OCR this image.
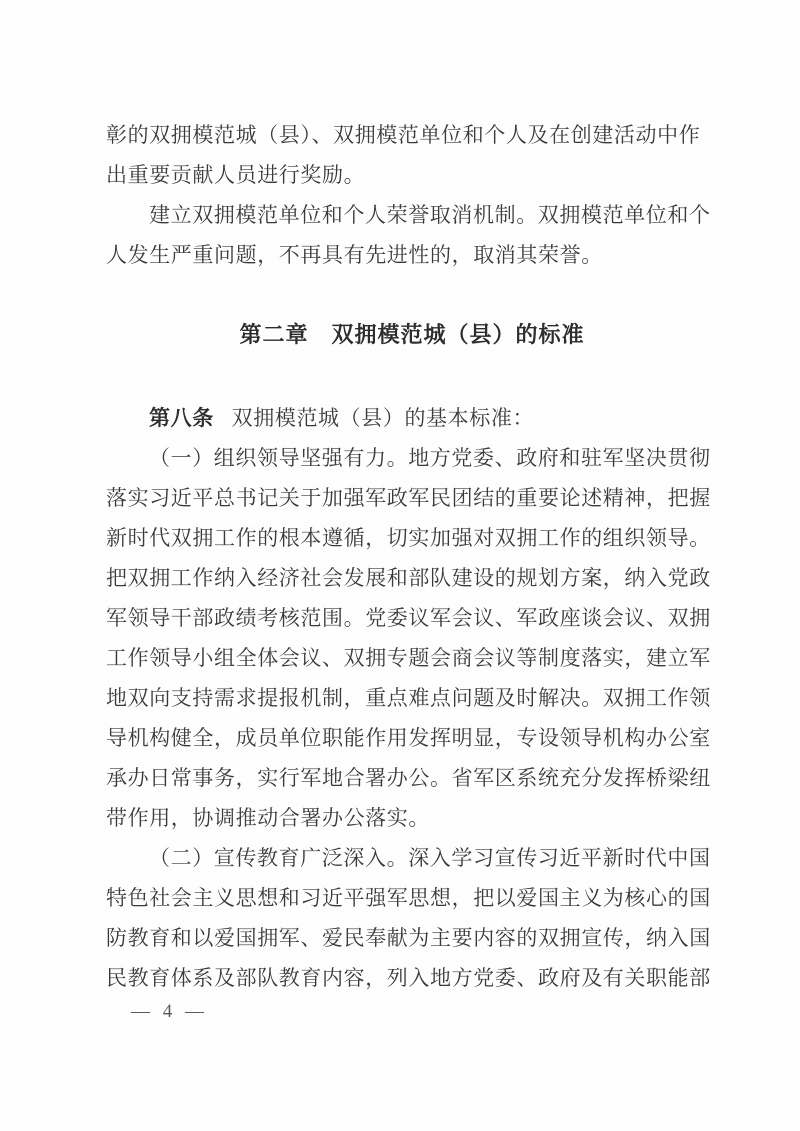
彰的双拥模范城（县）、双拥模范单位和个人及在创建活动中作
出重要贡献人员进行奖励。
建立双拥模范单位和个人荣誉取消机制。双拥模范单位和个
人发生严重问题，不再具有先进性的，取消其荣誉。
第二章　双拥模范城（县）的标准
第八条 双拥模范城（县）的基本标准：
（一）组织领导坚强有力。地方党委、政府和驻军坚决贯彻
落实习近平总书记关于加强军政军民团结的重要论述精神，把握
新时代双拥工作的根本遵循，切实加强对双拥工作的组织领导。
把双拥工作纳入经济社会发展和部队建设的规划方案，纳入党政
军领导干部政绩考核范围。党委议军会议、军政座谈会议、双拥
工作领导小组全体会议、双拥专题会商会议等制度落实，建立军
地双向支持需求提报机制，重点难点问题及时解决。双拥工作领
导机构健全，成员单位职能作用发挥明显，专设领导机构办公室
承办日常事务，实行军地合署办公。省军区系统充分发挥桥梁纽
带作用，协调推动合署办公落实。
（二）宣传教育广泛深入。深入学习宣传习近平新时代中国
特色社会主义思想和习近平强军思想，把以爱国主义为核心的国
防教育和以爱国拥军、爱民奉献为主要内容的双拥宣传，纳入国
民教育体系及部队教育内容，列入地方党委、政府及有关职能部
— 4 —
